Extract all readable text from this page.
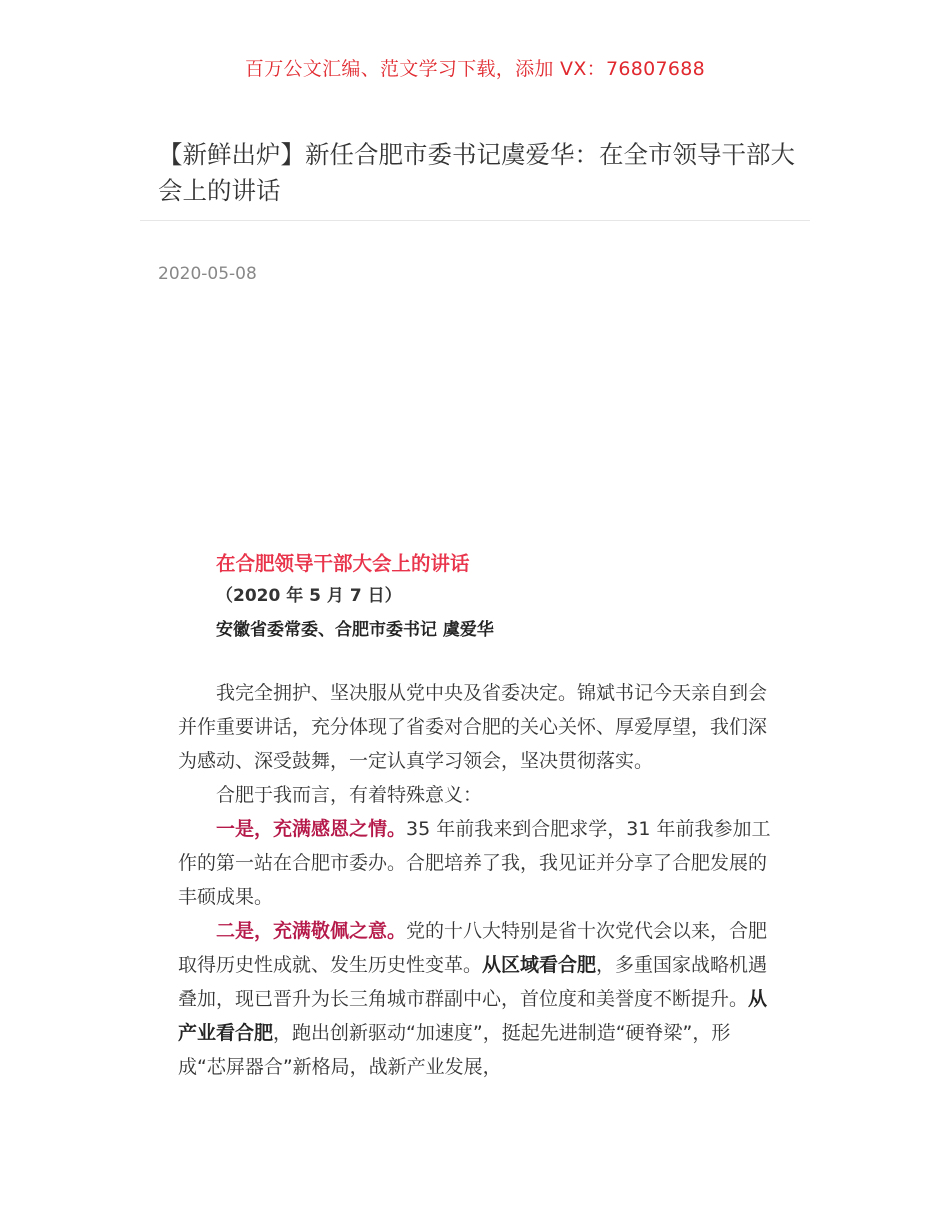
百万公文汇编、范文学习下载，添加 VX：76807688
【新鲜出炉】新任合肥市委书记虞爱华：在全市领导干部大会上的讲话
2020-05-08
在合肥领导干部大会上的讲话
（2020 年 5 月 7 日）
安徽省委常委、合肥市委书记 虞爱华

我完全拥护、坚决服从党中央及省委决定。锦斌书记今天亲自到会并作重要讲话，充分体现了省委对合肥的关心关怀、厚爱厚望，我们深为感动、深受鼓舞，一定认真学习领会，坚决贯彻落实。

合肥于我而言，有着特殊意义：

一是，充满感恩之情。35 年前我来到合肥求学，31 年前我参加工作的第一站在合肥市委办。合肥培养了我，我见证并分享了合肥发展的丰硕成果。

二是，充满敬佩之意。党的十八大特别是省十次党代会以来，合肥取得历史性成就、发生历史性变革。从区域看合肥，多重国家战略机遇叠加，现已晋升为长三角城市群副中心，首位度和美誉度不断提升。从产业看合肥，跑出创新驱动“加速度”，挺起先进制造“硬脊梁”，形成“芯屏器合”新格局，战新产业发展，
